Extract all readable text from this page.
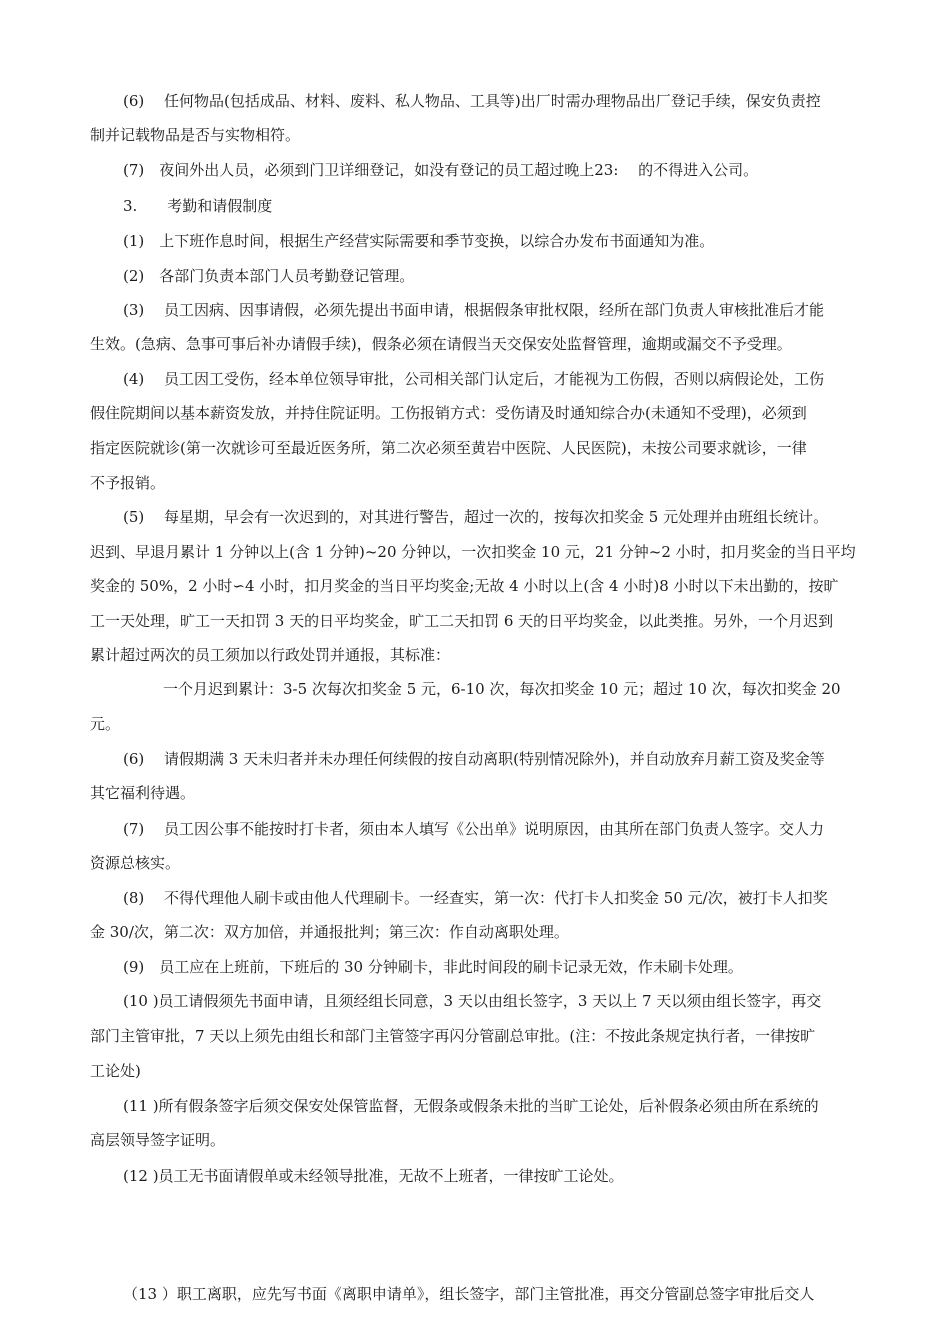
(6)　 任何物品(包括成品、材料、废料、私人物品、工具等)出厂时需办理物品出厂登记手续，保安负责控
制并记载物品是否与实物相符。
(7)　夜间外出人员，必须到门卫详细登记，如没有登记的员工超过晚上23:　 的不得进入公司。
3.　　考勤和请假制度
(1)　上下班作息时间，根据生产经营实际需要和季节变换，以综合办发布书面通知为准。
(2)　各部门负责本部门人员考勤登记管理。
(3)　 员工因病、因事请假，必须先提出书面申请，根据假条审批权限，经所在部门负责人审核批准后才能
生效。(急病、急事可事后补办请假手续)，假条必须在请假当天交保安处监督管理，逾期或漏交不予受理。
(4)　 员工因工受伤，经本单位领导审批，公司相关部门认定后，才能视为工伤假，否则以病假论处，工伤
假住院期间以基本薪资发放，并持住院证明。工伤报销方式：受伤请及时通知综合办(未通知不受理)，必须到
指定医院就诊(第一次就诊可至最近医务所，第二次必须至黄岩中医院、人民医院)，未按公司要求就诊，一律
不予报销。
(5)　 每星期，早会有一次迟到的，对其进行警告，超过一次的，按每次扣奖金 5 元处理并由班组长统计。
迟到、早退月累计 1 分钟以上(含 1 分钟)~20 分钟以，一次扣奖金 10 元，21 分钟~2 小时，扣月奖金的当日平均
奖金的 50%，2 小时∽4 小时，扣月奖金的当日平均奖金;无故 4 小时以上(含 4 小时)8 小时以下未出勤的，按旷
工一天处理，旷工一天扣罚 3 天的日平均奖金，旷工二天扣罚 6 天的日平均奖金，以此类推。另外，一个月迟到
累计超过两次的员工须加以行政处罚并通报，其标准：
一个月迟到累计：3-5 次每次扣奖金 5 元，6-10 次，每次扣奖金 10 元；超过 10 次，每次扣奖金 20
元。
(6)　 请假期满 3 天未归者并未办理任何续假的按自动离职(特别情况除外)，并自动放弃月薪工资及奖金等
其它福利待遇。
(7)　 员工因公事不能按时打卡者，须由本人填写《公出单》说明原因，由其所在部门负责人签字。交人力
资源总核实。
(8)　 不得代理他人刷卡或由他人代理刷卡。一经查实，第一次：代打卡人扣奖金 50 元/次，被打卡人扣奖
金 30/次，第二次：双方加倍，并通报批判；第三次：作自动离职处理。
(9)　员工应在上班前，下班后的 30 分钟刷卡，非此时间段的刷卡记录无效，作未刷卡处理。
(10 )员工请假须先书面申请，且须经组长同意，3 天以由组长签字，3 天以上 7 天以须由组长签字，再交
部门主管审批，7 天以上须先由组长和部门主管签字再闪分管副总审批。(注：不按此条规定执行者，一律按旷
工论处)
(11 )所有假条签字后须交保安处保管监督，无假条或假条未批的当旷工论处，后补假条必须由所在系统的
高层领导签字证明。
(12 )员工无书面请假单或未经领导批准，无故不上班者，一律按旷工论处。
（13 ）职工离职，应先写书面《离职申请单》，组长签字，部门主管批准，再交分管副总签字审批后交人
